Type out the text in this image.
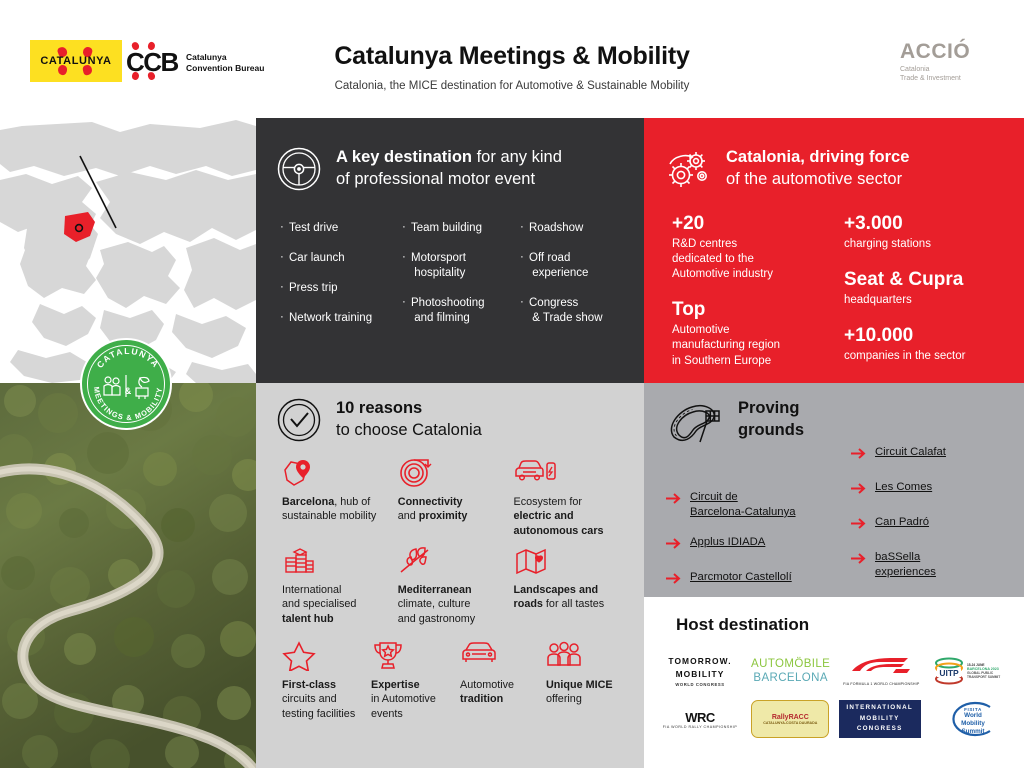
CATALUNYA CCB Catalunya
Convention Bureau	Catalunya Meetings & Mobility
Catalonia, the MICE destination for Automotive & Sustainable Mobility
ACCIÓ
Catalonia
Trade & Investment
CATALUNYA
MEETINGS & MOBILITY
&
A key destination for any kind
of professional motor event
· Test drive
· Car launch
· Press trip
· Network training
· Team building
· Motorsport
hospitality
· Photoshooting
and filming
· Roadshow
· Off road
experience
· Congress
& Trade show
Catalonia, driving force
of the automotive sector
+20
R&D centres
dedicated to the
Automotive industry
Top
Automotive
manufacturing region
in Southern Europe
+3.000
charging stations
Seat & Cupra
headquarters
+10.000
companies in the sector
10 reasons
to choose Catalonia
Barcelona, hub of sustainable mobility
Connectivity
and proximity
Ecosystem for
electric and
autonomous cars
International
and specialised
talent hub
Mediterranean
climate, culture
and gastronomy
Landscapes and
roads for all tastes
First-class
circuits and
testing facilities
Expertise
in Automotive
events
Automotive
tradition
Unique MICE
offering
Proving
grounds
Circuit de
Barcelona-Catalunya
Applus IDIADA
Parcmotor Castellolí
Circuit Calafat
Les Comes
Can Padró
baSSella
experiences
Host destination
TOMORROW.
MOBILITY
WORLD CONGRESS
AUTOMÖBILE
BARCELONA	FIA FORMULA 1 WORLD CHAMPIONSHIP
UITP
15-24 JUNE
BARCELONA 2023
GLOBAL PUBLIC TRANSPORT SUMMIT
WRC
FIA WORLD RALLY CHAMPIONSHIP
RallyRACC
CATALUNYA-COSTA DAURADA
INTERNATIONAL
MOBILITY
CONGRESS
FISITA
World Mobility
Summit
